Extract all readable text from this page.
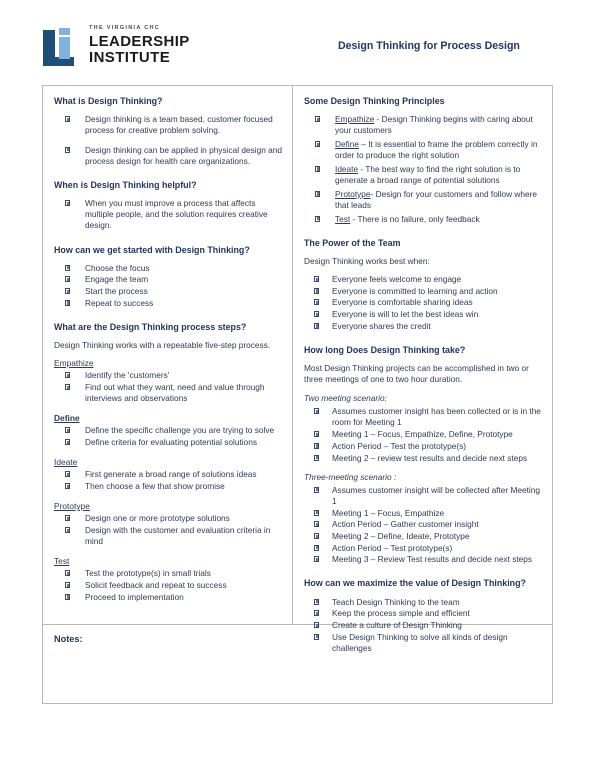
THE VIRGINIA CHC
LEADERSHIP
INSTITUTE
Design Thinking for Process Design
What is Design Thinking?
Design thinking is a team based, customer focused process for creative problem solving.
Design thinking can be applied in physical design and process design for health care organizations.
When is Design Thinking helpful?
When you must improve a process that affects multiple people, and the solution requires creative design.
How can we get started with Design Thinking?
Choose the focus
Engage the team
Start the process
Repeat to success
What are the Design Thinking process steps?

Design Thinking works with a repeatable five-step process.

Empathize
Identify the 'customers'
Find out what they want, need and value through interviews and observations
Define
Define the specific challenge you are trying to solve
Define criteria for evaluating potential solutions
Ideate
First generate a broad range of solutions ideas
Then choose a few that show promise
Prototype
Design one or more prototype solutions
Design with the customer and evaluation criteria in mind
Test
Test the prototype(s) in small trials
Solicit feedback and repeat to success
Proceed to implementation
Some Design Thinking Principles
Empathize - Design Thinking begins with caring about your customers
Define – It is essential to frame the problem correctly in order to produce the right solution
Ideate - The best way to find the right solution is to generate a broad range of potential solutions
Prototype- Design for your customers and follow where that leads
Test - There is no failure, only feedback
The Power of the Team

Design Thinking works best when:

Everyone feels welcome to engage
Everyone is committed to learning and action
Everyone is comfortable sharing ideas
Everyone is will to let the best ideas win
Everyone shares the credit
How long Does Design Thinking take?

Most Design Thinking projects can be accomplished in two or three meetings of one to two hour duration.

Two meeting scenario:
Assumes customer insight has been collected or is in the room for Meeting 1
Meeting 1 – Focus, Empathize, Define, Prototype
Action Period – Test the prototype(s)
Meeting 2 – review test results and decide next steps
Three-meeting scenario :
Assumes customer insight will be collected after Meeting 1
Meeting 1 – Focus, Empathize
Action Period – Gather customer insight
Meeting 2 – Define, Ideate, Prototype
Action Period – Test prototype(s)
Meeting 3 – Review Test results and decide next steps
How can we maximize the value of Design Thinking?
Teach Design Thinking to the team
Keep the process simple and efficient
Create a culture of Design Thinking
Use Design Thinking to solve all kinds of design challenges
Notes:
